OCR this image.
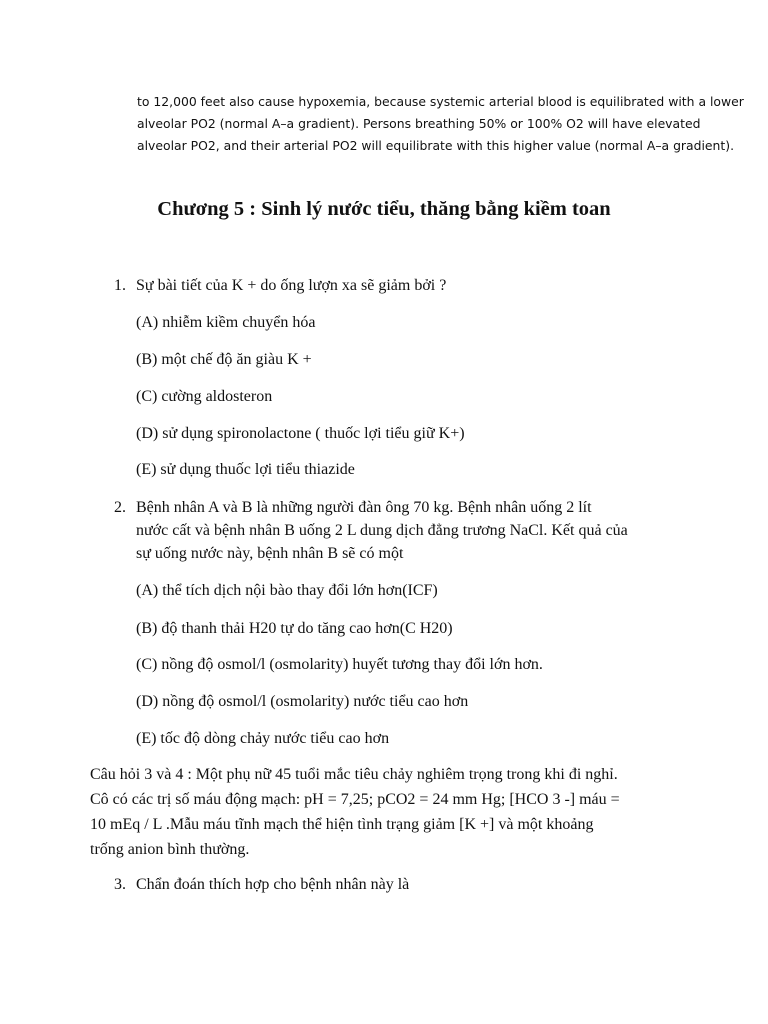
to 12,000 feet also cause hypoxemia, because systemic arterial blood is equilibrated with a lower
alveolar PO2 (normal A–a gradient). Persons breathing 50% or 100% O2 will have elevated
alveolar PO2, and their arterial PO2 will equilibrate with this higher value (normal A–a gradient).
Chương 5 : Sinh lý nước tiểu, thăng bằng kiềm toan
1. Sự bài tiết của K + do ống lượn xa sẽ giảm bởi ?
(A) nhiễm kiềm chuyển hóa
(B) một chế độ ăn giàu K +
(C) cường aldosteron
(D) sử dụng spironolactone ( thuốc lợi tiểu giữ K+)
(E) sử dụng thuốc lợi tiểu thiazide
2. Bệnh nhân A và B là những người đàn ông 70 kg. Bệnh nhân uống 2 lít
nước cất và bệnh nhân B uống 2 L dung dịch đẳng trương NaCl. Kết quả của
sự uống nước này, bệnh nhân B sẽ có một
(A) thể tích dịch nội bào thay đổi lớn hơn(ICF)
(B) độ thanh thải H20 tự do tăng cao hơn(C H20)
(C) nồng độ osmol/l (osmolarity) huyết tương thay đổi lớn hơn.
(D) nồng độ osmol/l (osmolarity) nước tiểu cao hơn
(E) tốc độ dòng chảy nước tiểu cao hơn
Câu hỏi 3 và 4 : Một phụ nữ 45 tuổi mắc tiêu chảy nghiêm trọng trong khi đi nghỉ.
Cô có các trị số máu động mạch: pH = 7,25; pCO2 = 24 mm Hg; [HCO 3 -] máu =
10 mEq / L .Mẫu máu tĩnh mạch thể hiện tình trạng giảm [K +] và một khoảng
trống anion bình thường.
3. Chẩn đoán thích hợp cho bệnh nhân này là
